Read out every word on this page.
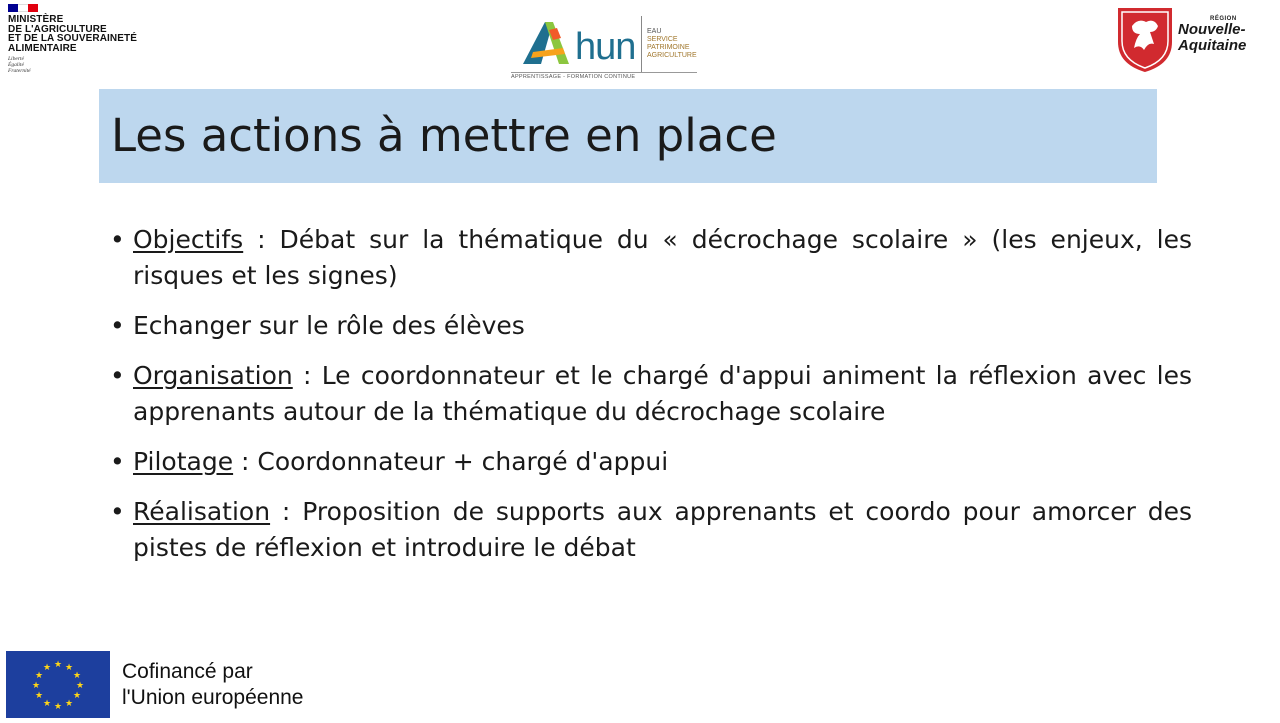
MINISTÈRE
DE L'AGRICULTURE
ET DE LA SOUVERAINETÉ
ALIMENTAIRE
Liberté
Égalité
Fraternité
hun EAU
SERVICE
PATRIMOINE
AGRICULTURE
APPRENTISSAGE - FORMATION CONTINUE
RÉGION
Nouvelle-
Aquitaine
Les actions à mettre en place
• Objectifs : Débat sur la thématique du « décrochage scolaire » (les enjeux, les risques et les signes)
• Echanger sur le rôle des élèves
• Organisation : Le coordonnateur et le chargé d'appui animent la réflexion avec les apprenants autour de la thématique du décrochage scolaire
• Pilotage : Coordonnateur + chargé d'appui
• Réalisation : Proposition de supports aux apprenants et coordo pour amorcer des pistes de réflexion et introduire le débat
★ ★
★
★
★
★
★
★
★
★
★
★	Cofinancé par
l'Union européenne
